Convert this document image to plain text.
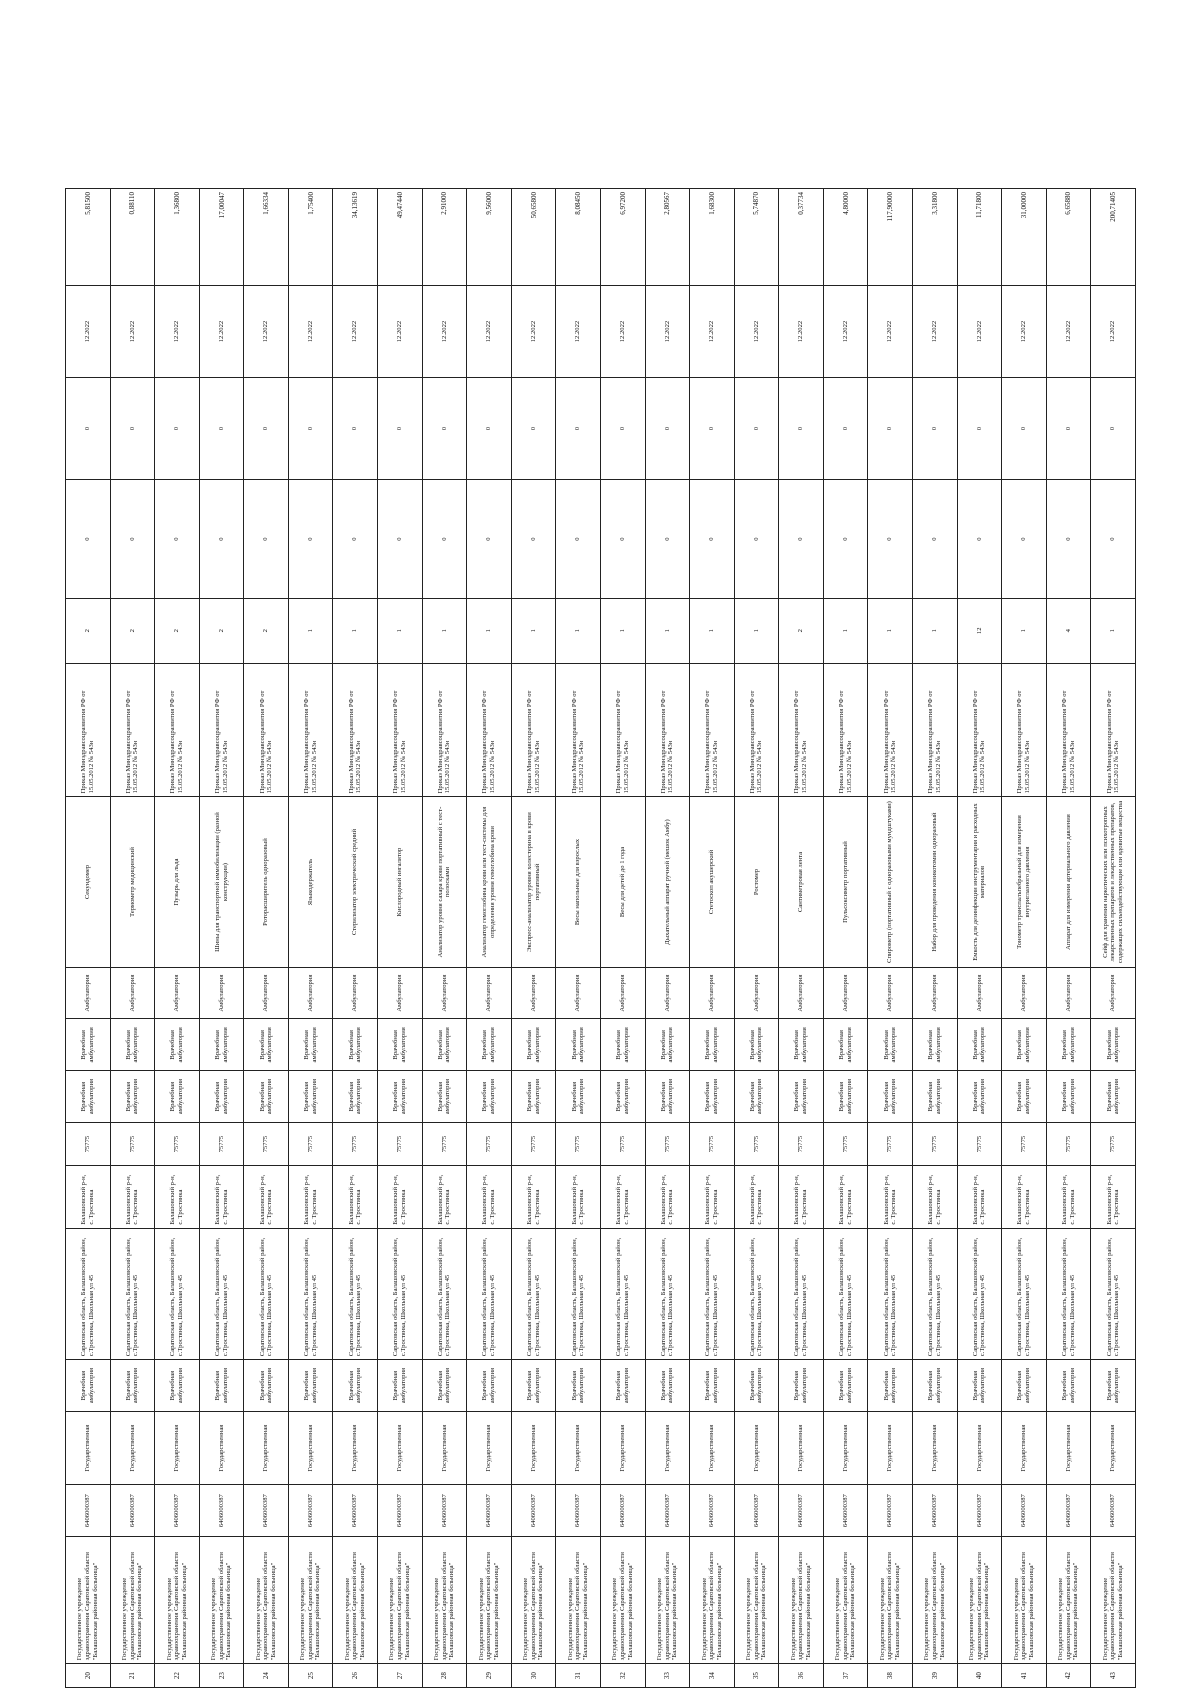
20	Государственное учреждение здравоохранения Саратовской области "Балашовская районная больница"	6406000387	Государственная	Врачебная амбулатория	Саратовская область, Балашовский район, с.Тростянка, Школьная ул 45	Балашовский р-н, с. Тростянка	75775	Врачебная амбулатория	Врачебная амбулатория	Амбулатория	Секундомер	Приказ Минздравсоцразвития РФ от 15.05.2012 № 543н	2	0	0	12.2022	5,81500
21	Государственное учреждение здравоохранения Саратовской области "Балашовская районная больница"	6406000387	Государственная	Врачебная амбулатория	Саратовская область, Балашовский район, с.Тростянка, Школьная ул 45	Балашовский р-н, с. Тростянка	75775	Врачебная амбулатория	Врачебная амбулатория	Амбулатория	Термометр медицинский	Приказ Минздравсоцразвития РФ от 15.05.2012 № 543н	2	0	0	12.2022	0,88110
22	Государственное учреждение здравоохранения Саратовской области "Балашовская районная больница"	6406000387	Государственная	Врачебная амбулатория	Саратовская область, Балашовский район, с.Тростянка, Школьная ул 45	Балашовский р-н, с. Тростянка	75775	Врачебная амбулатория	Врачебная амбулатория	Амбулатория	Пузырь для льда	Приказ Минздравсоцразвития РФ от 15.05.2012 № 543н	2	0	0	12.2022	1,36800
23	Государственное учреждение здравоохранения Саратовской области "Балашовская районная больница"	6406000387	Государственная	Врачебная амбулатория	Саратовская область, Балашовский район, с.Тростянка, Школьная ул 45	Балашовский р-н, с. Тростянка	75775	Врачебная амбулатория	Врачебная амбулатория	Амбулатория	Шины для транспортной иммобилизации (разной конструкции)	Приказ Минздравсоцразвития РФ от 15.05.2012 № 543н	2	0	0	12.2022	17,00047
24	Государственное учреждение здравоохранения Саратовской области "Балашовская районная больница"	6406000387	Государственная	Врачебная амбулатория	Саратовская область, Балашовский район, с.Тростянка, Школьная ул 45	Балашовский р-н, с. Тростянка	75775	Врачебная амбулатория	Врачебная амбулатория	Амбулатория	Роторасширитель одноразовый	Приказ Минздравсоцразвития РФ от 15.05.2012 № 543н	2	0	0	12.2022	1,66334
25	Государственное учреждение здравоохранения Саратовской области "Балашовская районная больница"	6406000387	Государственная	Врачебная амбулатория	Саратовская область, Балашовский район, с.Тростянка, Школьная ул 45	Балашовский р-н, с. Тростянка	75775	Врачебная амбулатория	Врачебная амбулатория	Амбулатория	Языкодержатель	Приказ Минздравсоцразвития РФ от 15.05.2012 № 543н	1	0	0	12.2022	1,75400
26	Государственное учреждение здравоохранения Саратовской области "Балашовская районная больница"	6406000387	Государственная	Врачебная амбулатория	Саратовская область, Балашовский район, с.Тростянка, Школьная ул 45	Балашовский р-н, с. Тростянка	75775	Врачебная амбулатория	Врачебная амбулатория	Амбулатория	Стерилизатор электрический средний	Приказ Минздравсоцразвития РФ от 15.05.2012 № 543н	1	0	0	12.2022	34,13619
27	Государственное учреждение здравоохранения Саратовской области "Балашовская районная больница"	6406000387	Государственная	Врачебная амбулатория	Саратовская область, Балашовский район, с.Тростянка, Школьная ул 45	Балашовский р-н, с. Тростянка	75775	Врачебная амбулатория	Врачебная амбулатория	Амбулатория	Кислородный ингалятор	Приказ Минздравсоцразвития РФ от 15.05.2012 № 543н	1	0	0	12.2022	49,47440
28	Государственное учреждение здравоохранения Саратовской области "Балашовская районная больница"	6406000387	Государственная	Врачебная амбулатория	Саратовская область, Балашовский район, с.Тростянка, Школьная ул 45	Балашовский р-н, с. Тростянка	75775	Врачебная амбулатория	Врачебная амбулатория	Амбулатория	Анализатор уровня сахара крови портативный с тест-полосками	Приказ Минздравсоцразвития РФ от 15.05.2012 № 543н	1	0	0	12.2022	2,91000
29	Государственное учреждение здравоохранения Саратовской области "Балашовская районная больница"	6406000387	Государственная	Врачебная амбулатория	Саратовская область, Балашовский район, с.Тростянка, Школьная ул 45	Балашовский р-н, с. Тростянка	75775	Врачебная амбулатория	Врачебная амбулатория	Амбулатория	Анализатор гемоглобина крови или тест-системы для определения уровня гемоглобина крови	Приказ Минздравсоцразвития РФ от 15.05.2012 № 543н	1	0	0	12.2022	9,56000
30	Государственное учреждение здравоохранения Саратовской области "Балашовская районная больница"	6406000387	Государственная	Врачебная амбулатория	Саратовская область, Балашовский район, с.Тростянка, Школьная ул 45	Балашовский р-н, с. Тростянка	75775	Врачебная амбулатория	Врачебная амбулатория	Амбулатория	Экспресс-анализатор уровня холестерина в крови портативный	Приказ Минздравсоцразвития РФ от 15.05.2012 № 543н	1	0	0	12.2022	50,65800
31	Государственное учреждение здравоохранения Саратовской области "Балашовская районная больница"	6406000387	Государственная	Врачебная амбулатория	Саратовская область, Балашовский район, с.Тростянка, Школьная ул 45	Балашовский р-н, с. Тростянка	75775	Врачебная амбулатория	Врачебная амбулатория	Амбулатория	Весы напольные для взрослых	Приказ Минздравсоцразвития РФ от 15.05.2012 № 543н	1	0	0	12.2022	8,08450
32	Государственное учреждение здравоохранения Саратовской области "Балашовская районная больница"	6406000387	Государственная	Врачебная амбулатория	Саратовская область, Балашовский район, с.Тростянка, Школьная ул 45	Балашовский р-н, с. Тростянка	75775	Врачебная амбулатория	Врачебная амбулатория	Амбулатория	Весы для детей до 1 года	Приказ Минздравсоцразвития РФ от 15.05.2012 № 543н	1	0	0	12.2022	6,97200
33	Государственное учреждение здравоохранения Саратовской области "Балашовская районная больница"	6406000387	Государственная	Врачебная амбулатория	Саратовская область, Балашовский район, с.Тростянка, Школьная ул 45	Балашовский р-н, с. Тростянка	75775	Врачебная амбулатория	Врачебная амбулатория	Амбулатория	Дыхательный аппарат ручной (мешок Амбу)	Приказ Минздравсоцразвития РФ от 15.05.2012 № 543н	1	0	0	12.2022	2,80567
34	Государственное учреждение здравоохранения Саратовской области "Балашовская районная больница"	6406000387	Государственная	Врачебная амбулатория	Саратовская область, Балашовский район, с.Тростянка, Школьная ул 45	Балашовский р-н, с. Тростянка	75775	Врачебная амбулатория	Врачебная амбулатория	Амбулатория	Стетоскоп акушерский	Приказ Минздравсоцразвития РФ от 15.05.2012 № 543н	1	0	0	12.2022	1,68300
35	Государственное учреждение здравоохранения Саратовской области "Балашовская районная больница"	6406000387	Государственная	Врачебная амбулатория	Саратовская область, Балашовский район, с.Тростянка, Школьная ул 45	Балашовский р-н, с. Тростянка	75775	Врачебная амбулатория	Врачебная амбулатория	Амбулатория	Ростомер	Приказ Минздравсоцразвития РФ от 15.05.2012 № 543н	1	0	0	12.2022	5,74870
36	Государственное учреждение здравоохранения Саратовской области "Балашовская районная больница"	6406000387	Государственная	Врачебная амбулатория	Саратовская область, Балашовский район, с.Тростянка, Школьная ул 45	Балашовский р-н, с. Тростянка	75775	Врачебная амбулатория	Врачебная амбулатория	Амбулатория	Сантиметровая лента	Приказ Минздравсоцразвития РФ от 15.05.2012 № 543н	2	0	0	12.2022	0,37734
37	Государственное учреждение здравоохранения Саратовской области "Балашовская районная больница"	6406000387	Государственная	Врачебная амбулатория	Саратовская область, Балашовский район, с.Тростянка, Школьная ул 45	Балашовский р-н, с. Тростянка	75775	Врачебная амбулатория	Врачебная амбулатория	Амбулатория	Пульсоксиметр портативный	Приказ Минздравсоцразвития РФ от 15.05.2012 № 543н	1	0	0	12.2022	4,80000
38	Государственное учреждение здравоохранения Саратовской области "Балашовская районная больница"	6406000387	Государственная	Врачебная амбулатория	Саратовская область, Балашовский район, с.Тростянка, Школьная ул 45	Балашовский р-н, с. Тростянка	75775	Врачебная амбулатория	Врачебная амбулатория	Амбулатория	Спирометр (портативный с одноразовыми мундштуками)	Приказ Минздравсоцразвития РФ от 15.05.2012 № 543н	1	0	0	12.2022	117,90000
39	Государственное учреждение здравоохранения Саратовской области "Балашовская районная больница"	6406000387	Государственная	Врачебная амбулатория	Саратовская область, Балашовский район, с.Тростянка, Школьная ул 45	Балашовский р-н, с. Тростянка	75775	Врачебная амбулатория	Врачебная амбулатория	Амбулатория	Набор для проведения коникотомии одноразовый	Приказ Минздравсоцразвития РФ от 15.05.2012 № 543н	1	0	0	12.2022	3,31800
40	Государственное учреждение здравоохранения Саратовской области "Балашовская районная больница"	6406000387	Государственная	Врачебная амбулатория	Саратовская область, Балашовский район, с.Тростянка, Школьная ул 45	Балашовский р-н, с. Тростянка	75775	Врачебная амбулатория	Врачебная амбулатория	Амбулатория	Емкость для дезинфекции инструментария и расходных материалов	Приказ Минздравсоцразвития РФ от 15.05.2012 № 543н	12	0	0	12.2022	11,71800
41	Государственное учреждение здравоохранения Саратовской области "Балашовская районная больница"	6406000387	Государственная	Врачебная амбулатория	Саратовская область, Балашовский район, с.Тростянка, Школьная ул 45	Балашовский р-н, с. Тростянка	75775	Врачебная амбулатория	Врачебная амбулатория	Амбулатория	Тонометр транспалъпебральный для измерения внутриглазного давления	Приказ Минздравсоцразвития РФ от 15.05.2012 № 543н	1	0	0	12.2022	31,00000
42	Государственное учреждение здравоохранения Саратовской области "Балашовская районная больница"	6406000387	Государственная	Врачебная амбулатория	Саратовская область, Балашовский район, с.Тростянка, Школьная ул 45	Балашовский р-н, с. Тростянка	75775	Врачебная амбулатория	Врачебная амбулатория	Амбулатория	Аппарат для измерения артериального давления	Приказ Минздравсоцразвития РФ от 15.05.2012 № 543н	4	0	0	12.2022	6,65880
43	Государственное учреждение здравоохранения Саратовской области "Балашовская районная больница"	6406000387	Государственная	Врачебная амбулатория	Саратовская область, Балашовский район, с.Тростянка, Школьная ул 45	Балашовский р-н, с. Тростянка	75775	Врачебная амбулатория	Врачебная амбулатория	Амбулатория	Сейф для хранения наркотических или психотропных лекарственных препаратов и лекарственных препаратов, содержащих сильнодействующие или ядовитые вещества	Приказ Минздравсоцразвития РФ от 15.05.2012 № 543н	1	0	0	12.2022	200,71405
